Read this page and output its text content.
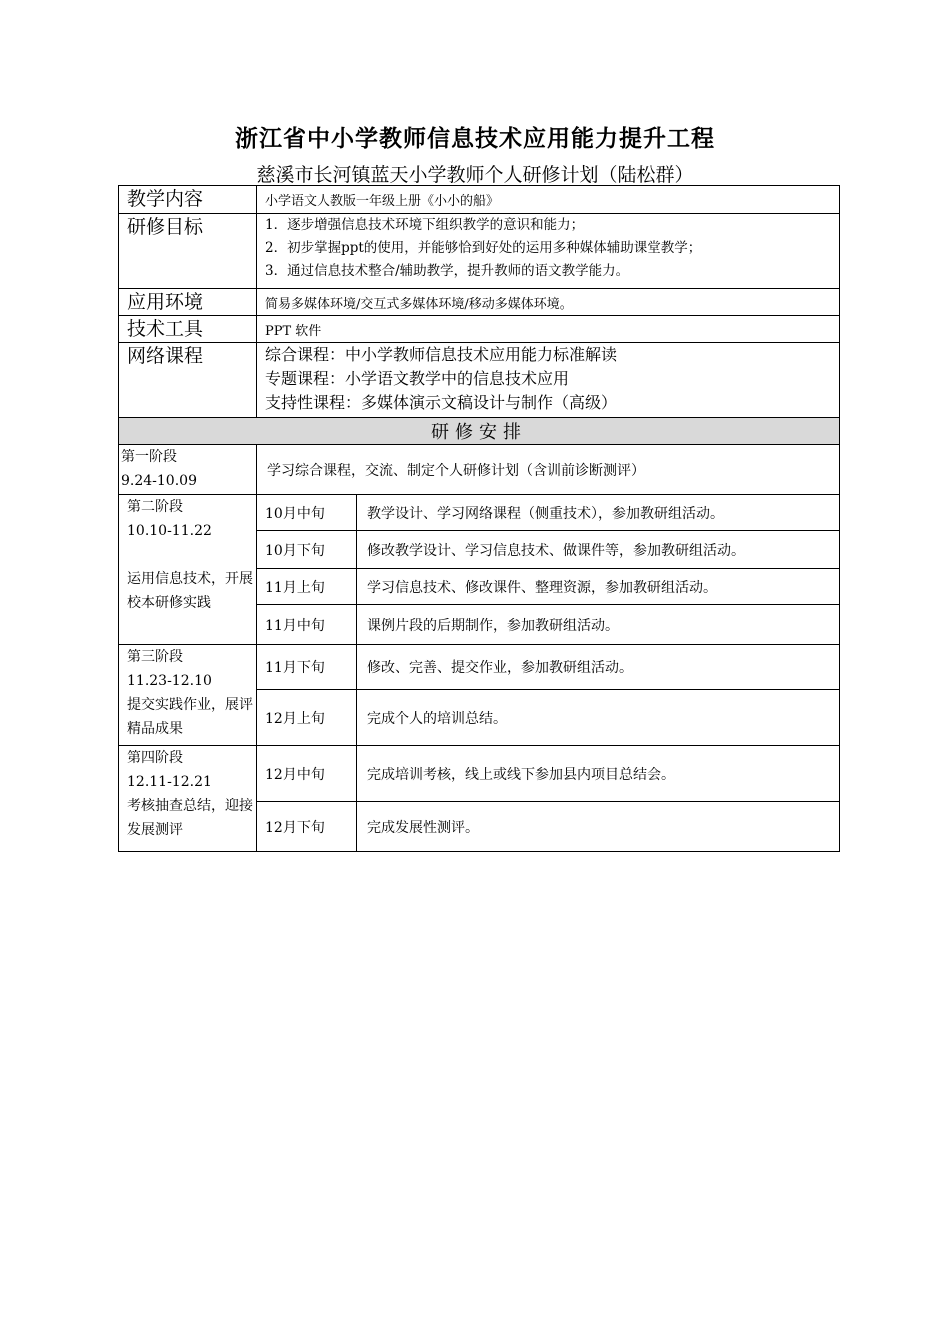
浙江省中小学教师信息技术应用能力提升工程
慈溪市长河镇蓝天小学教师个人研修计划（陆松群）
教学内容	小学语文人教版一年级上册《小小的船》	
研修目标	1．逐步增强信息技术环境下组织教学的意识和能力；
2．初步掌握ppt的使用，并能够恰到好处的运用多种媒体辅助课堂教学；
3．通过信息技术整合/辅助教学，提升教师的语文教学能力。	

应用环境	简易多媒体环境/交互式多媒体环境/移动多媒体环境。	
技术工具	PPT 软件	
网络课程	综合课程：中小学教师信息技术应用能力标准解读
专题课程：小学语文教学中的信息技术应用
支持性课程：多媒体演示文稿设计与制作（高级）	

研修安排		

第一阶段
9.24-10.09	学习综合课程，交流、制定个人研修计划（含训前诊断测评）	

第二阶段
10.10-11.22
运用信息技术，开展校本研修实践	10月中旬	教学设计、学习网络课程（侧重技术），参加教研组活动。
	10月下旬	修改教学设计、学习信息技术、做课件等，参加教研组活动。
	11月上旬	学习信息技术、修改课件、整理资源，参加教研组活动。
	11月中旬	课例片段的后期制作，参加教研组活动。

第三阶段
11.23-12.10
提交实践作业，展评精品成果	11月下旬	修改、完善、提交作业，参加教研组活动。
	12月上旬	完成个人的培训总结。

第四阶段
12.11-12.21
考核抽查总结，迎接发展测评	12月中旬	完成培训考核，线上或线下参加县内项目总结会。
	12月下旬	完成发展性测评。
